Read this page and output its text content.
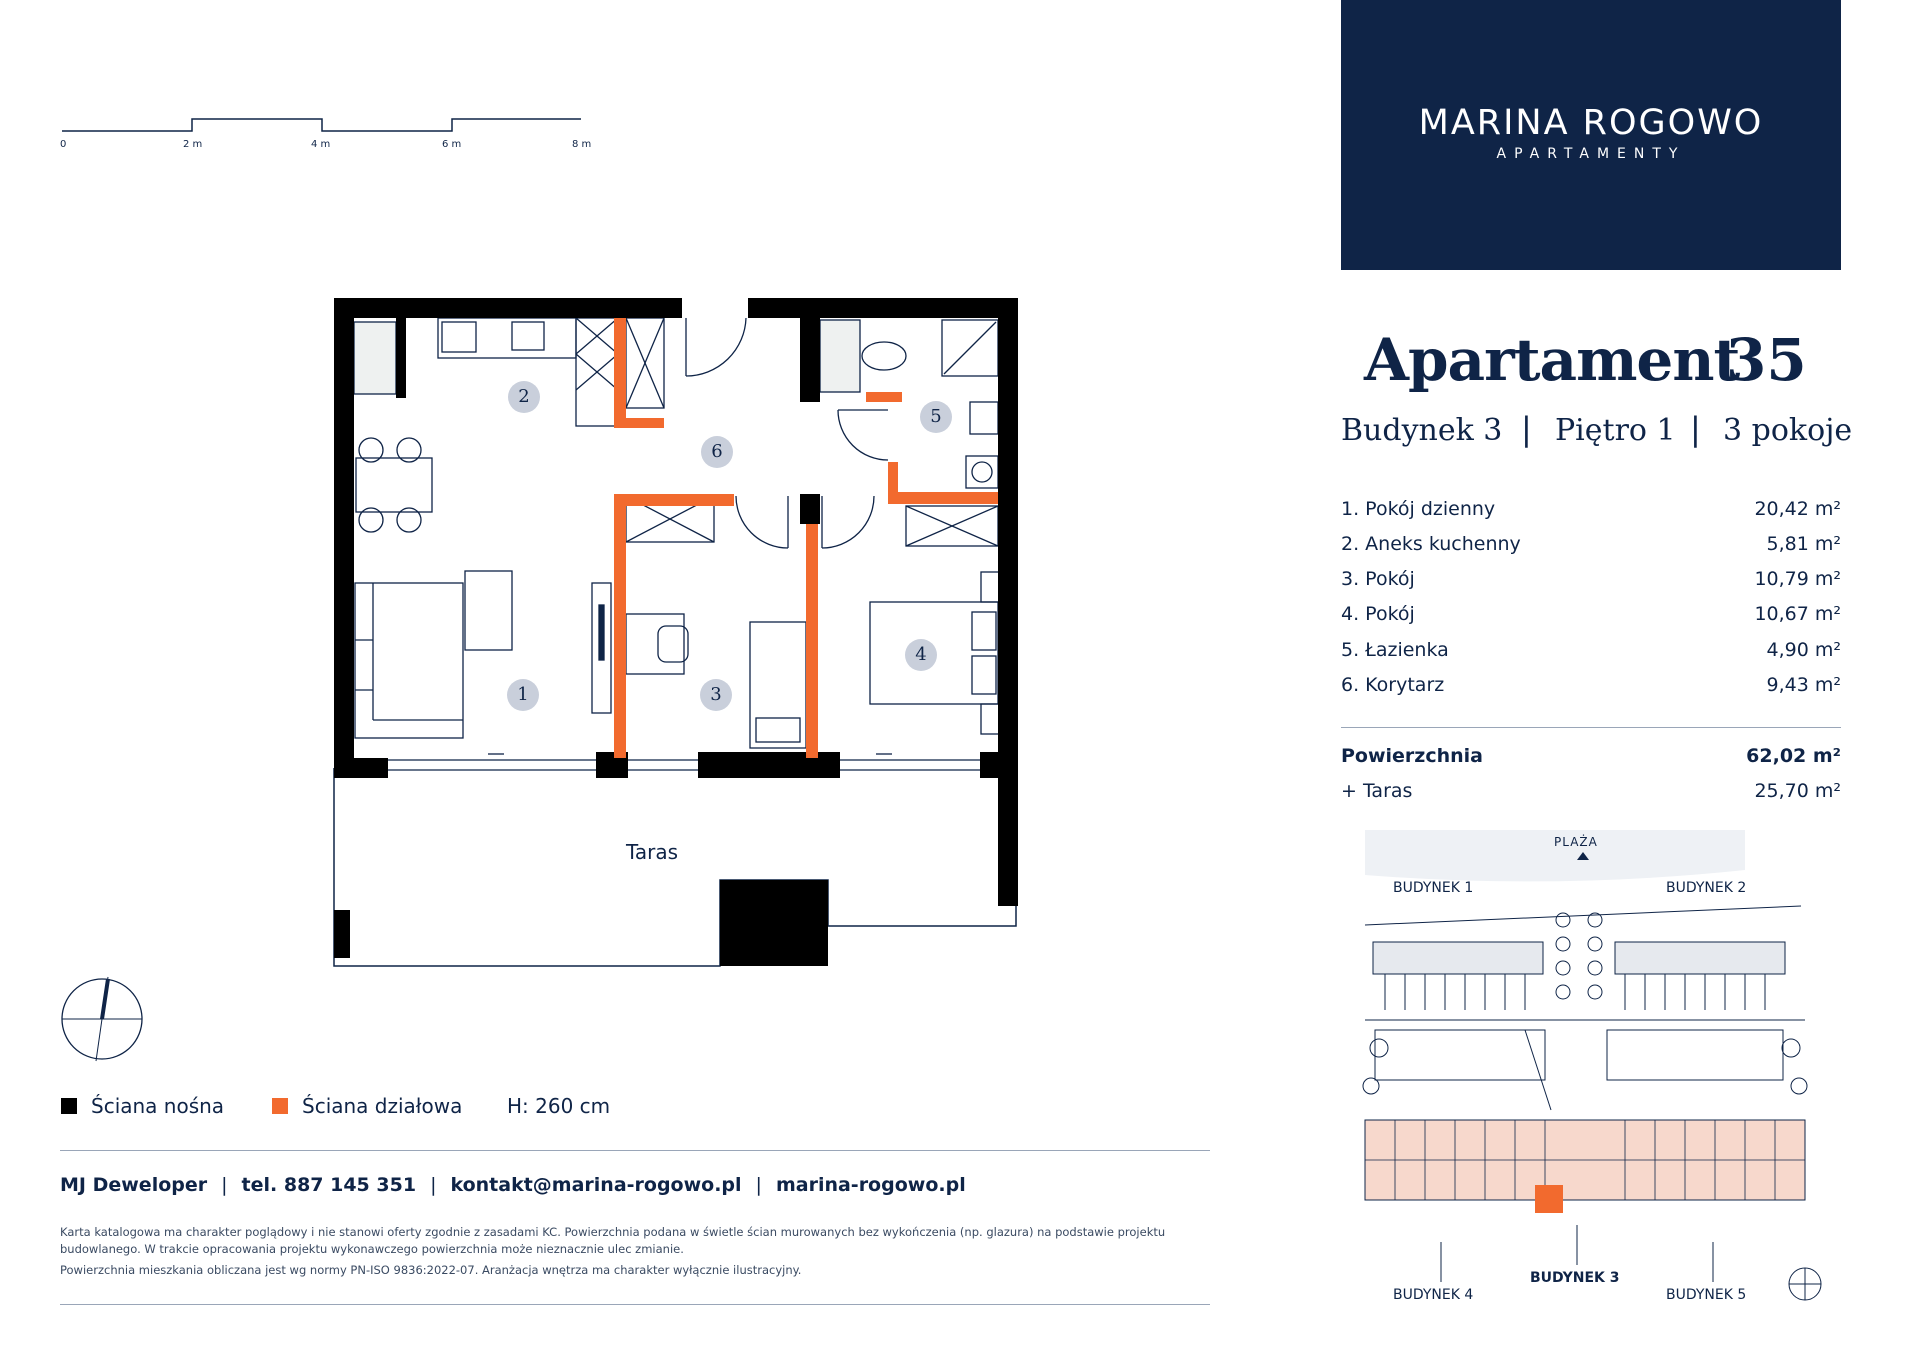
0	2 m	4 m	6 m	8 m
1
2
3
4
5
6
Taras
Ściana nośna	Ściana działowa H: 260 cm
MJ Deweloper | tel. 887 145 351 | kontakt@marina-rogowo.pl | marina-rogowo.pl
Karta katalogowa ma charakter poglądowy i nie stanowi oferty zgodnie z zasadami KC. Powierzchnia podana w świetle ścian murowanych bez wykończenia (np. glazura) na podstawie projektu budowlanego. W trakcie opracowania projektu wykonawczego powierzchnia może nieznacznie ulec zmianie.
Powierzchnia mieszkania obliczana jest wg normy PN-ISO 9836:2022-07. Aranżacja wnętrza ma charakter wyłącznie ilustracyjny.
MARINA ROGOWO
APARTAMENTY
Apartament
35
Budynek 3 | Piętro 1 | 3 pokoje
1. Pokój dzienny	20,42 m²
2. Aneks kuchenny	5,81 m²
3. Pokój	10,79 m²
4. Pokój	10,67 m²
5. Łazienka	4,90 m²
6. Korytarz	9,43 m²
Powierzchnia	62,02 m²
+ Taras	25,70 m²
PLAŻA
BUDYNEK 1	BUDYNEK 2
BUDYNEK 3
BUDYNEK 4	BUDYNEK 5
